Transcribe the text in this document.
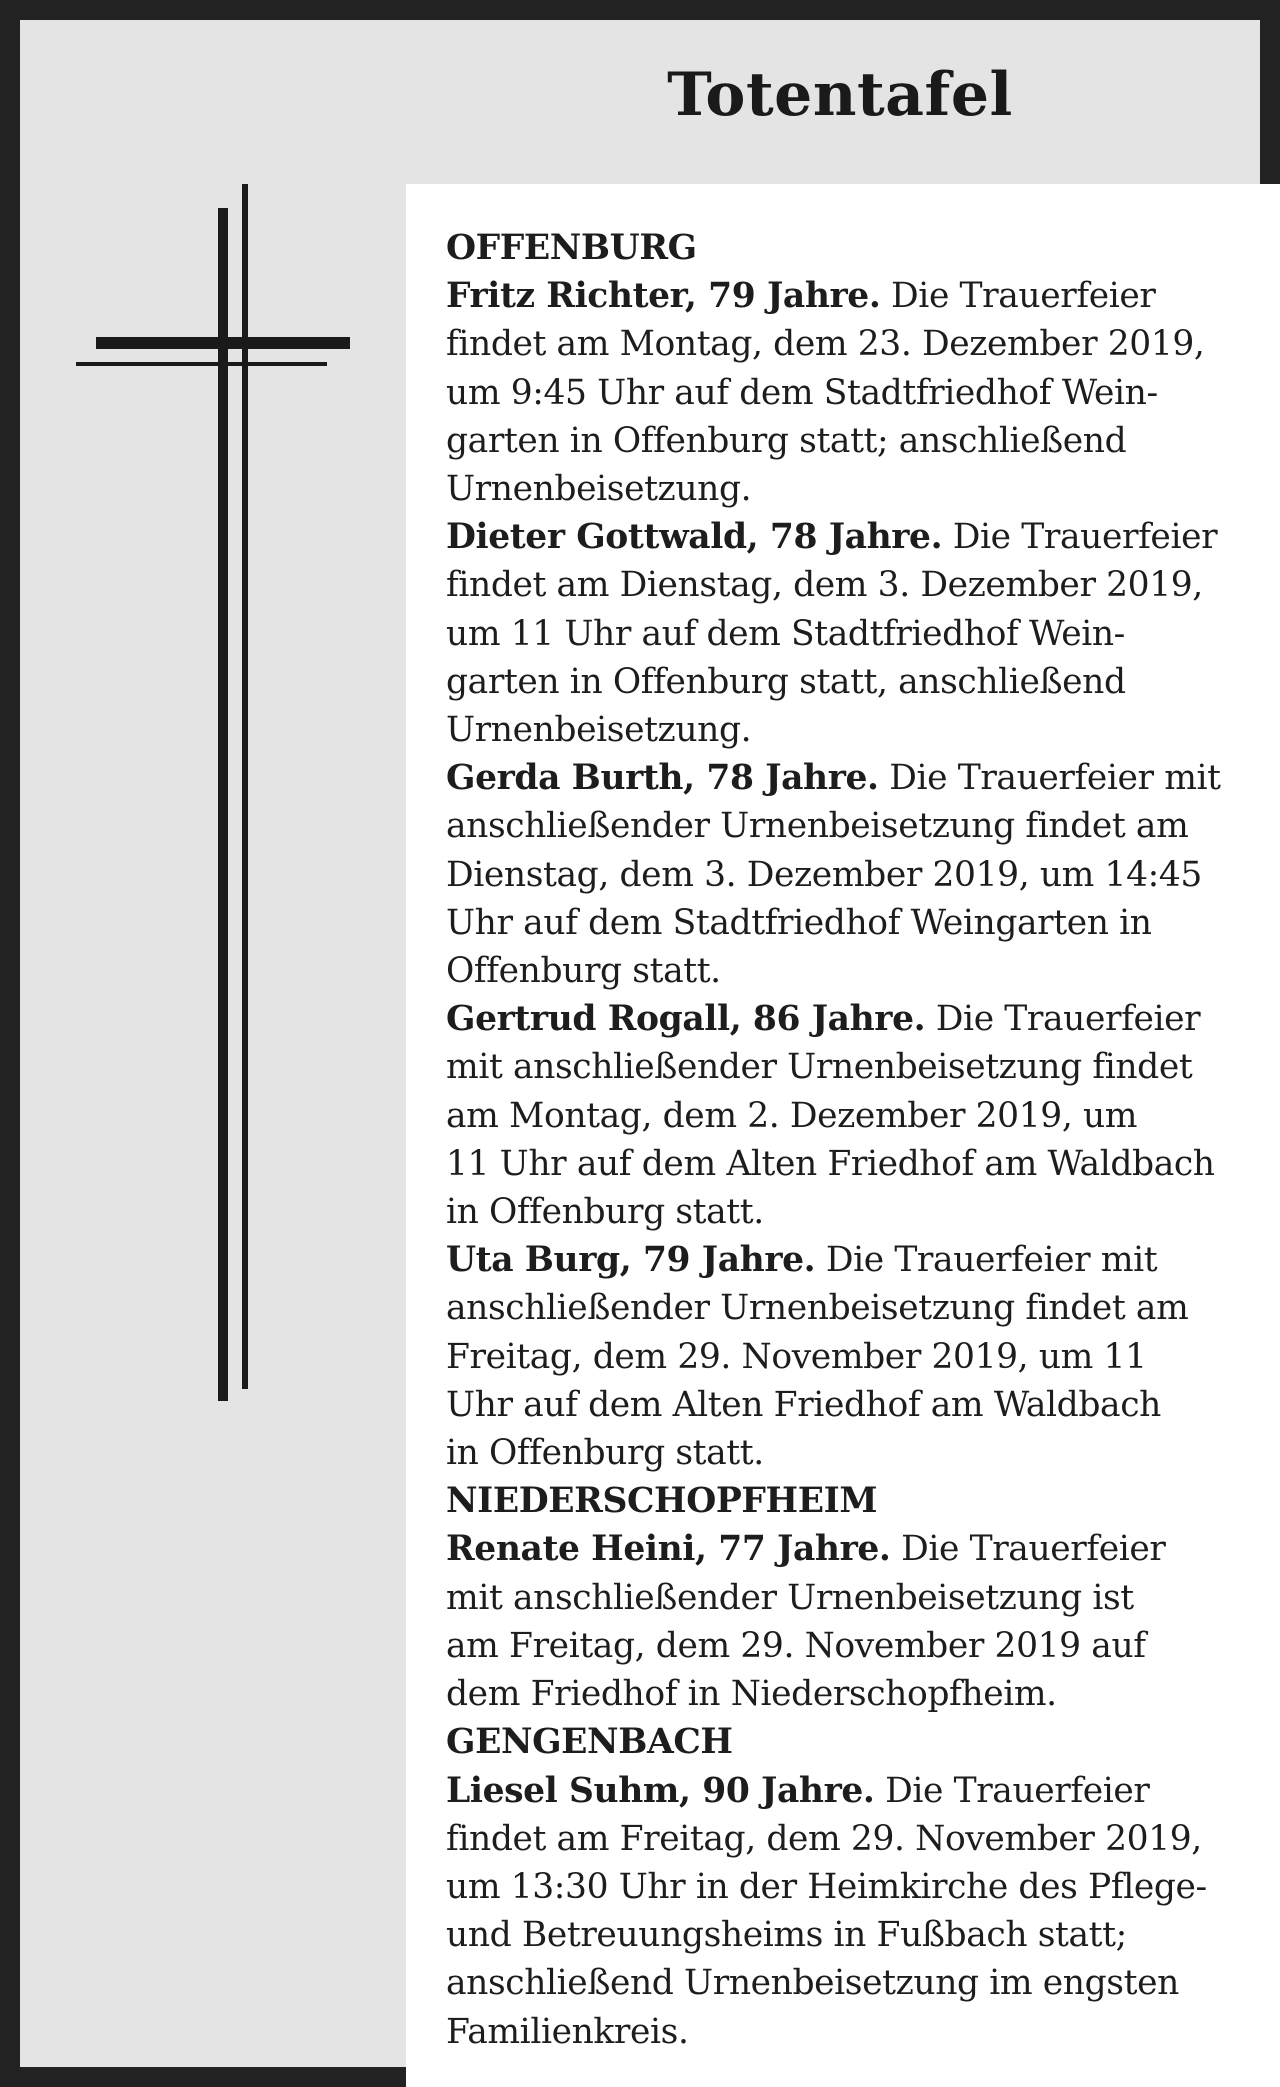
Totentafel

OFFENBURG

Fritz Richter, 79 Jahre. Die Trauerfeier

findet am Montag, dem 23. Dezember 2019,

um 9:45 Uhr auf dem Stadtfriedhof Wein-

garten in Offenburg statt; anschließend

Urnenbeisetzung.

Dieter Gottwald, 78 Jahre. Die Trauerfeier

findet am Dienstag, dem 3. Dezember 2019,

um 11 Uhr auf dem Stadtfriedhof Wein-

garten in Offenburg statt, anschließend

Urnenbeisetzung.

Gerda Burth, 78 Jahre. Die Trauerfeier mit

anschließender Urnenbeisetzung findet am

Dienstag, dem 3. Dezember 2019, um 14:45

Uhr auf dem Stadtfriedhof Weingarten in

Offenburg statt.

Gertrud Rogall, 86 Jahre. Die Trauerfeier

mit anschließender Urnenbeisetzung findet

am Montag, dem 2. Dezember 2019, um

11 Uhr auf dem Alten Friedhof am Waldbach

in Offenburg statt.

Uta Burg, 79 Jahre. Die Trauerfeier mit

anschließender Urnenbeisetzung findet am

Freitag, dem 29. November 2019, um 11

Uhr auf dem Alten Friedhof am Waldbach

in Offenburg statt.

NIEDERSCHOPFHEIM

Renate Heini, 77 Jahre. Die Trauerfeier

mit anschließender Urnenbeisetzung ist

am Freitag, dem 29. November 2019 auf

dem Friedhof in Niederschopfheim.

GENGENBACH

Liesel Suhm, 90 Jahre. Die Trauerfeier

findet am Freitag, dem 29. November 2019,

um 13:30 Uhr in der Heimkirche des Pflege-

und Betreuungsheims in Fußbach statt;

anschließend Urnenbeisetzung im engsten

Familienkreis.
